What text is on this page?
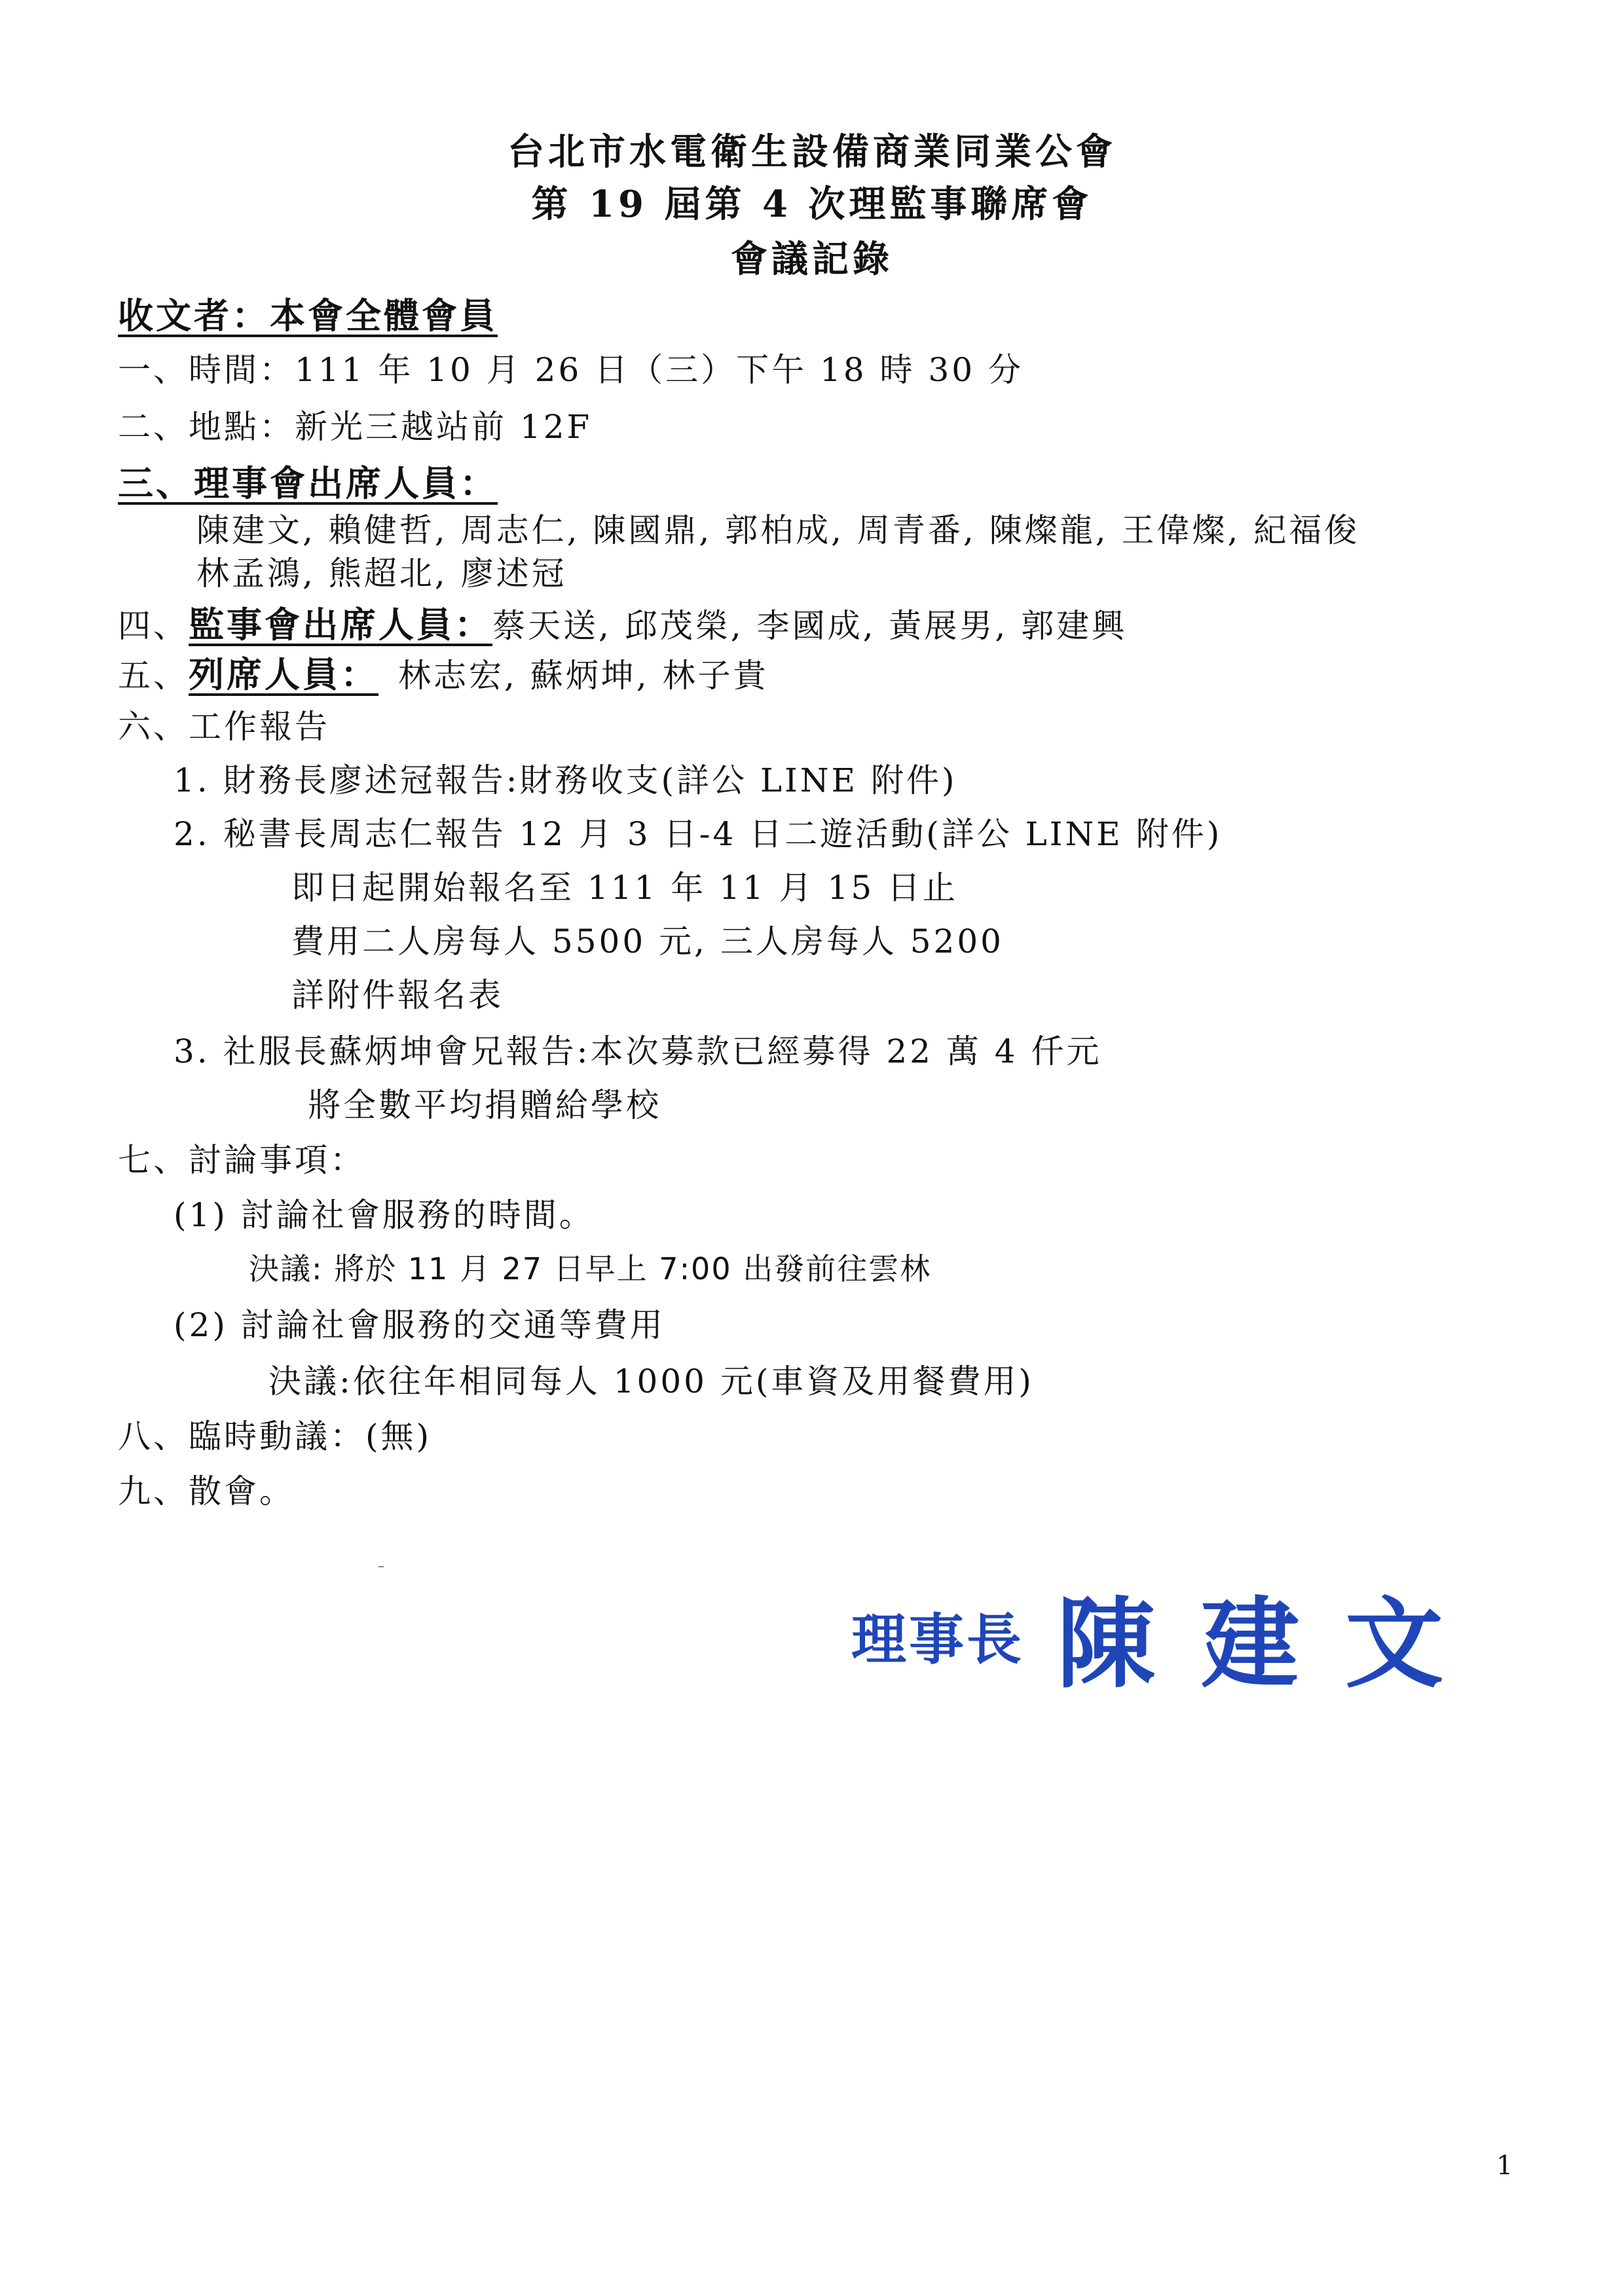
台北市水電衛生設備商業同業公會
第 19 屆第 4 次理監事聯席會
會議記錄
收文者：本會全體會員
一、時間：111 年 10 月 26 日（三）下午 18 時 30 分
二、地點：新光三越站前 12F
三、理事會出席人員：
陳建文, 賴健哲, 周志仁, 陳國鼎, 郭柏成, 周青番, 陳燦龍, 王偉燦, 紀福俊
林孟鴻, 熊超北, 廖述冠
四、監事會出席人員：蔡天送, 邱茂榮, 李國成, 黃展男, 郭建興
五、列席人員： 林志宏, 蘇炳坤, 林子貴
六、工作報告
1. 財務長廖述冠報告:財務收支(詳公 LINE 附件)
2. 秘書長周志仁報告 12 月 3 日-4 日二遊活動(詳公 LINE 附件)
即日起開始報名至 111 年 11 月 15 日止
費用二人房每人 5500 元, 三人房每人 5200
詳附件報名表
3. 社服長蘇炳坤會兄報告:本次募款已經募得 22 萬 4 仟元
將全數平均捐贈給學校
七、討論事項：
(1) 討論社會服務的時間。
決議: 將於 11 月 27 日早上 7:00 出發前往雲林
(2) 討論社會服務的交通等費用
決議:依往年相同每人 1000 元(車資及用餐費用)
八、臨時動議：(無)
九、散會。
理事長 陳建文
1
